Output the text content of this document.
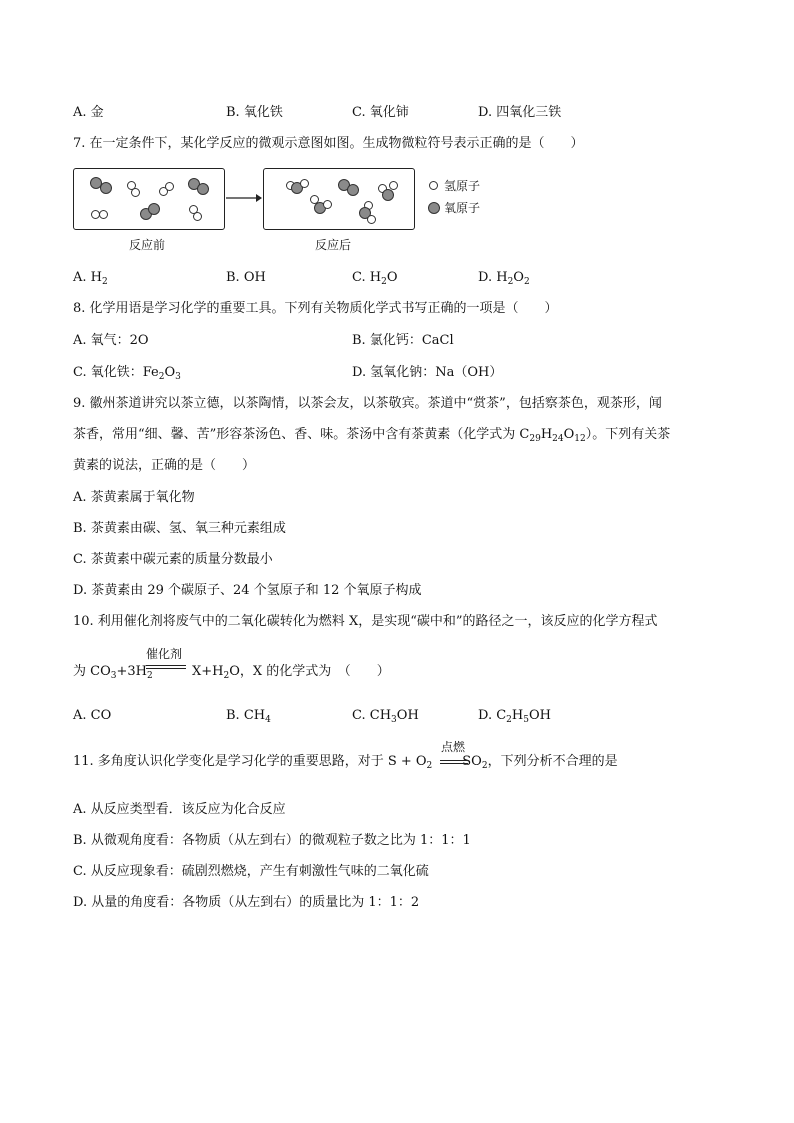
A. 金	B. 氧化铁	C. 氧化铈	D. 四氧化三铁
7. 在一定条件下，某化学反应的微观示意图如图。生成物微粒符号表示正确的是（　　）
氢原子
氧原子
反应前	反应后
A. $H_2$	B. OH	C. $H_2O$	D. $H_2O_2$
8. 化学用语是学习化学的重要工具。下列有关物质化学式书写正确的一项是（　　）
A. 氧气：2O	B. 氯化钙：CaCl
C. 氧化铁：$Fe_2O_3$	D. 氢氧化钠：Na（OH）
9. 徽州茶道讲究以茶立德，以茶陶情，以茶会友，以茶敬宾。茶道中“赏茶”，包括察茶色，观茶形，闻
茶香，常用“细、馨、苦”形容茶汤色、香、味。茶汤中含有茶黄素（化学式为 $C_{29}H_{24}O_{12}$）。下列有关茶
黄素的说法，正确的是（　　）
A. 茶黄素属于氧化物
B. 茶黄素由碳、氢、氧三种元素组成
C. 茶黄素中碳元素的质量分数最小
D. 茶黄素由 29 个碳原子、24 个氢原子和 12 个氧原子构成
10. 利用催化剂将废气中的二氧化碳转化为燃料 X，是实现“碳中和”的路径之一，该反应的化学方程式
为 $CO_3+3H_2$
催化剂
$X+H_2O$，X 的化学式为　（　　）
A. CO	B. $CH_4$	C. $CH_3OH$	D. $C_2H_5OH$
11. 多角度认识化学变化是学习化学的重要思路，对于 $S + O_2$ $SO_2$，下列分析不合理的是
点燃
A. 从反应类型看．该反应为化合反应
B. 从微观角度看：各物质（从左到右）的微观粒子数之比为 1：1：1
C. 从反应现象看：硫剧烈燃烧，产生有刺激性气味的二氧化硫
D. 从量的角度看：各物质（从左到右）的质量比为 1：1：2
